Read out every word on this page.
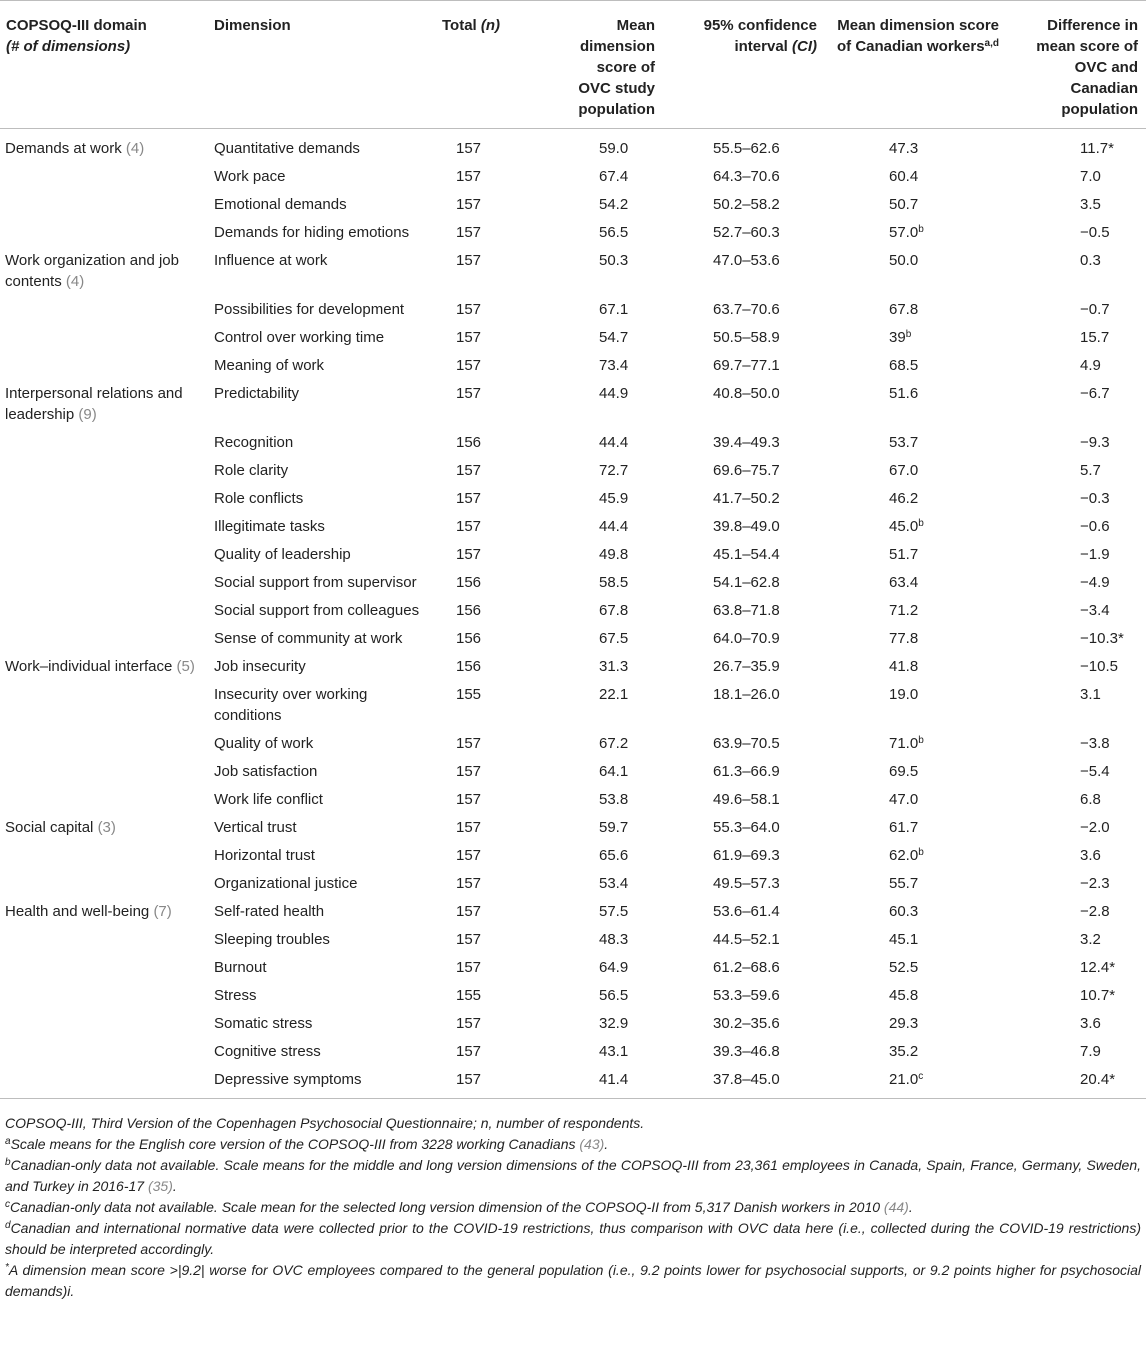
COPSOQ-III domain
(# of dimensions)	Dimension	Total (n)	Mean dimension score of OVC study population	95% confidence interval (CI)	Mean dimension score of Canadian workers$^{a,d}$	Difference in mean score of OVC and Canadian population
Demands at work (4)	Quantitative demands	157	59.0	55.5–62.6	47.3	11.7*
	Work pace	157	67.4	64.3–70.6	60.4	7.0
	Emotional demands	157	54.2	50.2–58.2	50.7	3.5
	Demands for hiding emotions	157	56.5	52.7–60.3	57.0$^b$	−0.5
Work organization and job contents (4)	Influence at work	157	50.3	47.0–53.6	50.0	0.3
	Possibilities for development	157	67.1	63.7–70.6	67.8	−0.7
	Control over working time	157	54.7	50.5–58.9	39$^b$	15.7
	Meaning of work	157	73.4	69.7–77.1	68.5	4.9
Interpersonal relations and leadership (9)	Predictability	157	44.9	40.8–50.0	51.6	−6.7
	Recognition	156	44.4	39.4–49.3	53.7	−9.3
	Role clarity	157	72.7	69.6–75.7	67.0	5.7
	Role conflicts	157	45.9	41.7–50.2	46.2	−0.3
	Illegitimate tasks	157	44.4	39.8–49.0	45.0$^b$	−0.6
	Quality of leadership	157	49.8	45.1–54.4	51.7	−1.9
	Social support from supervisor	156	58.5	54.1–62.8	63.4	−4.9
	Social support from colleagues	156	67.8	63.8–71.8	71.2	−3.4
	Sense of community at work	156	67.5	64.0–70.9	77.8	−10.3*
Work–individual interface (5)	Job insecurity	156	31.3	26.7–35.9	41.8	−10.5
	Insecurity over working conditions	155	22.1	18.1–26.0	19.0	3.1
	Quality of work	157	67.2	63.9–70.5	71.0$^b$	−3.8
	Job satisfaction	157	64.1	61.3–66.9	69.5	−5.4
	Work life conflict	157	53.8	49.6–58.1	47.0	6.8
Social capital (3)	Vertical trust	157	59.7	55.3–64.0	61.7	−2.0
	Horizontal trust	157	65.6	61.9–69.3	62.0$^b$	3.6
	Organizational justice	157	53.4	49.5–57.3	55.7	−2.3
Health and well-being (7)	Self-rated health	157	57.5	53.6–61.4	60.3	−2.8
	Sleeping troubles	157	48.3	44.5–52.1	45.1	3.2
	Burnout	157	64.9	61.2–68.6	52.5	12.4*
	Stress	155	56.5	53.3–59.6	45.8	10.7*
	Somatic stress	157	32.9	30.2–35.6	29.3	3.6
	Cognitive stress	157	43.1	39.3–46.8	35.2	7.9
	Depressive symptoms	157	41.4	37.8–45.0	21.0$^c$	20.4*

COPSOQ-III, Third Version of the Copenhagen Psychosocial Questionnaire; n, number of respondents.

$^a$Scale means for the English core version of the COPSOQ-III from 3228 working Canadians (43).

$^b$Canadian-only data not available. Scale means for the middle and long version dimensions of the COPSOQ-III from 23,361 employees in Canada, Spain, France, Germany, Sweden, and Turkey in 2016-17 (35).

$^c$Canadian-only data not available. Scale mean for the selected long version dimension of the COPSOQ-II from 5,317 Danish workers in 2010 (44).

$^d$Canadian and international normative data were collected prior to the COVID-19 restrictions, thus comparison with OVC data here (i.e., collected during the COVID-19 restrictions) should be interpreted accordingly.

*A dimension mean score >|9.2| worse for OVC employees compared to the general population (i.e., 9.2 points lower for psychosocial supports, or 9.2 points higher for psychosocial demands)i.
